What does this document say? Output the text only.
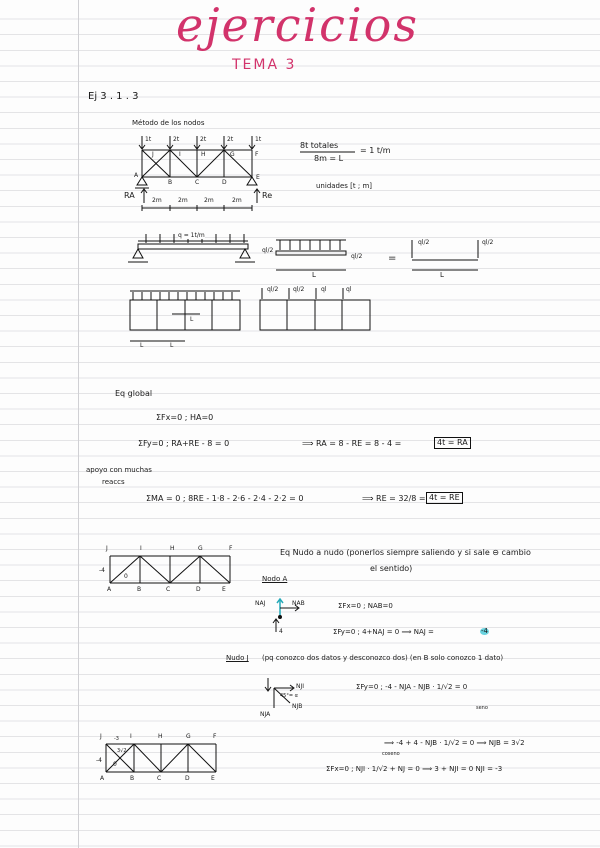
ejercicios
TEMA 3
Ej 3 . 1 . 3
Método de los nodos
1t	2t	2t	2t	1t
J	I	H	G	F
A
B	C	D
E
RA	Re
2m	2m	2m	2m
8t totales
8m = L
= 1 t/m
unidades [t ; m]
q = 1t/m
ql/2
ql/2
L
=
ql/2	ql/2
L
L
L	L
ql/2 ql/2	ql	ql
Eq global
ΣFx=0 ; HA=0
ΣFy=0 ; RA+RE - 8 = 0	⟹ RA = 8 - RE = 8 - 4 =	4t = RA
apoyo con muchas
reaccs
ΣMA = 0 ; 8RE - 1·8 - 2·6 - 2·4 - 2·2 = 0	⟹ RE = 32/8 = 4t = RE
J	I	H	G	F
A	B	C	D	E
-4
0
Eq Nudo a nudo (ponerlos siempre saliendo y si sale ⊖ cambio
el sentido)
Nodo A
NAJ	NAB
4
ΣFx=0 ; NAB=0
ΣFy=0 ; 4+NAJ = 0 ⟹ NAJ =	-4
Nudo J (pq conozco dos datos y desconozco dos) (en B solo conozco 1 dato)
NJI
45°= α
NJB
NJA
ΣFy=0 ; -4 - NJA - NJB · 1/√2 = 0
seno
J	I	H	G	F
A	B	C	D	E
3√2
-4
0
-3	⟹ -4 + 4 - NJB · 1/√2 = 0 ⟹ NJB = 3√2
coseno
ΣFx=0 ; NJI · 1/√2 + NJ = 0 ⟹ 3 + NJI = 0 NJI = -3
